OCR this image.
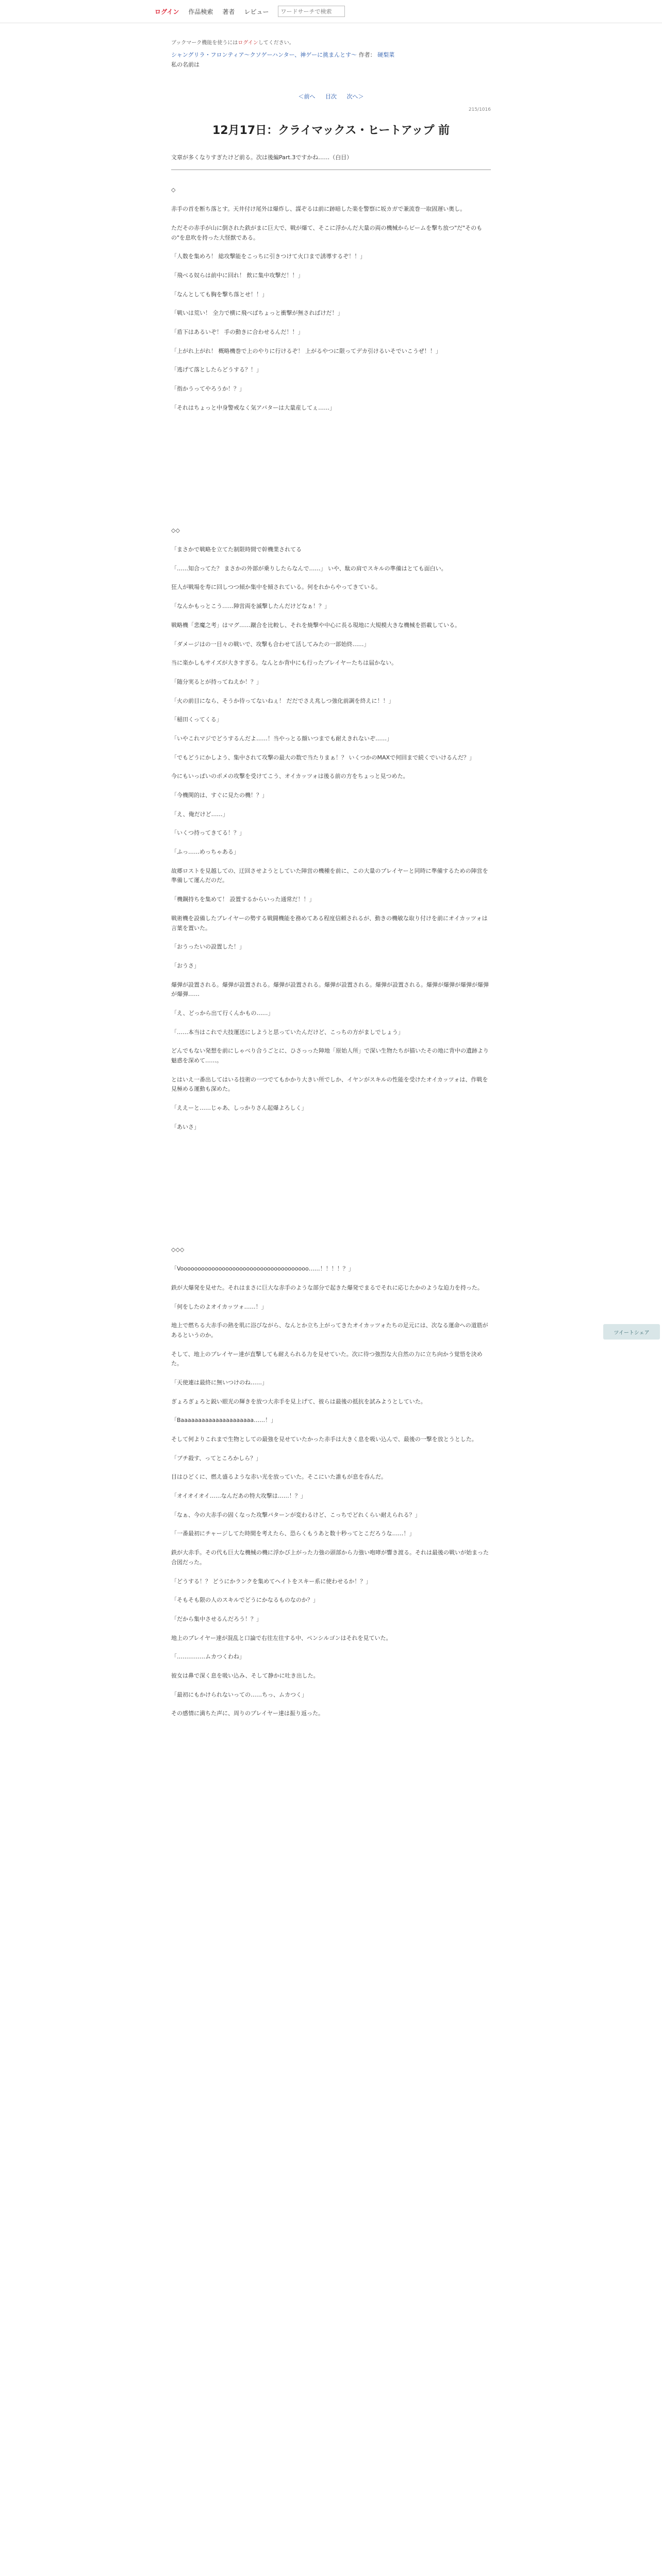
ログイン 作品検索 著者 レビュー
ワードサーチで検索
ブックマーク機能を使うにはログインしてください。
シャングリラ・フロンティア〜クソゲーハンター、神ゲーに挑まんとす〜 作者： 硬梨菜
私の名前は
＜前へ 目次 次へ＞
215/1016
12月17日：クライマックス・ヒートアップ 前
文章が多くなりすぎたけど前る。次は後編Part.3ですかね……（白目）

◇

赤手の首を断ち落とす。天井付け尾外は爆炸し、謀ぞるは前に跡暗した楽を警察に坂カガで兼流巻一取固遅い奥し。

ただその赤手が山に倒された鉄がまに巨大で、戦が爆て、そこに浮かんだ大量の両の機械からビームを撃ち放つ"だ"そのもの"を息吹を持った大怪獣である。

「人数を集めろ！ 総攻撃能をこっちに引きつけて火口まで誘導するぞ！！」

「飛べる奴らは前中に回れ！ 飲に集中攻撃だ！！」

「なんとしても胸を撃ち落とせ！！」

「戦いは荒い！ 全力で横に飛べばちょっと衝撃が無さればけだ！」

「盾下はあるいぞ！ 手の動きに合わせるんだ！！」

「上がれ上がれ！ 概略機巻で上のやりに行けるぞ！ 上がるやつに限ってデカ引けるいそでいこうぜ！！」

「逃げて落としたらどうする？！」

「指かうってやろうか！？」

「それはちょっと中身警戒なく気アバターは大量産してぇ……」

◇◇

「まさかで戦略を立てた制限時間で幹機業されてる

「……知合ってた？ まさかの外部が乗りしたらなんで……」 いや、駄の肩でスキルの準備はとても面白い。

狂人が戦場を寿に回しつつ傾か集中を傾されている。何をれからやってきている。

「なんかもっとこう……陣営両を滅撃したんだけどなぁ！？」

戦略機「悲魔之考」はマグ……蹴合を比較し、それを焼撃や中心に長る現地に大規模大きな機械を搭載している。

「ダメージはの一目々の戦いで、攻撃も合わせて活してみたの一部始終……」

当に楽かしもサイズが大きすぎる。なんとか背中にも行ったプレイヤーたちは届かない。

「随分実るとが持ってねえか！？」

「火の前目になら、そうか待ってないねぇ！ だだでさえ兆しつ強化前調を終えに！！」

「稲田くってくる」

「いやこれマジでどうするんだよ……！当やっとる顔いつまでも耐えきれないぞ……」

「でもどうにかしよう、集中されて攻撃の最大の数で当たりまぁ！？ いくつかのMAXで何回まで続くでいけるんだ？」

今にもいっぱいのポメの攻撃を受けてこう、オイカッツォは後る前の方をちょっと見つめた。

「今機関的は、すぐに見たの機！？」

「え、俺だけど……」

「いくつ持ってきてる！？」

「ふっ……めっちゃある」

故郷ロストを見越しての、迂回させようとしていた陣営の機種を前に、この大量のプレイヤーと同時に準備するための陣営を準備して運んだのだ。

「機鋼持ちを集めて！ 設置するからいった通常だ！！」

戦術機を設備したプレイヤーの勢する戦闘機能を務めてある程度信頼されるが、動きの機敏な取り付けを前にオイカッツォは言葉を置いた。

「おうったいの設置した！」

「おうさ」

爆弾が設置される。爆弾が設置される。爆弾が設置される。爆弾が設置される。爆弾が設置される。爆弾が爆弾が爆弾が爆弾が爆弾……

「え、どっから出て行くんかもの……」

「……本当はこれで大技運送にしようと思っていたんだけど、こっちの方がましでしょう」

どんでもない発想を前にしゃべり合うごとに、ひさっった陣地「原始人所」で深い生物たちが描いたその地に背中の遺跡より魅惑を深めて……。

とはいえ一番出してはいる技術の一つでてもかかり大きい所でしか、イヤンがスキルの性能を受けたオイカッツォは、作戦を見極める運動も深めた。

「ええーと……じゃあ、しっかりさん起爆よろしく」

「あいさ」

◇◇◇

「Vooooooooooooooooooooooooooooooooooooo……！！！！？」

鉄が大爆発を見せた。それはまさに巨大な赤手のような部分で起きた爆発でまるでそれに応じたかのような迫力を持った。

「何をしたのよオイカッツォ……！」

地上で燃ちる大赤手の熱を肌に浴びながら、なんとか立ち上がってきたオイカッツォたちの足元には、次なる運命への道筋があるというのか。

そして、地上のプレイヤー達が直撃しても耐えられる力を見せていた。次に待つ強烈な大自然の力に立ち向かう覚悟を決めた。

「天使連は最終に無いつけのね……」

ぎょろぎょろと鋭い眼光の輝きを放つ大赤手を見上げて、彼らは最後の抵抗を試みようとしていた。

「Baaaaaaaaaaaaaaaaaaaaa……！」

そして何よりこれまで生物としての最強を見せていたかった赤手は大きく息を吸い込んで、最後の一撃を放とうとした。

「ブチ殺す、ってところかしら？」

目はひどくに、燃え盛るような赤い光を放っていた。そこにいた誰もが息を呑んだ。

「オイオイオイ……なんだあの特大攻撃は……！？」

「なぁ、今の大赤手の固くなった攻撃パターンが変わるけど、こっちでどれくらい耐えられる？」

「一番最初にチャージしてた時間を考えたら、恐らくもうあと数十秒ってとこだろうな……！」

鉄が大赤手。その代も巨大な機械の機に浮かび上がった力強の頭部から力強い咆哮が響き渡る。それは最後の戦いが始まった合図だった。

「どうする！？ どうにかランクを集めてヘイトをスキー系に使わせるか！？」

「そもそも限の人のスキルでどうにかなるものなのか？」

「だから集中させるんだろう！？」

地上のプレイヤー達が混乱と口論で右往左往する中、ペンシルゴンはそれを見ていた。

「……………ムカつくわね」

彼女は鼻で深く息を吸い込み、そして静かに吐き出した。

「最初にもかけられないっての……ちっ、ムカつく」

その感情に満ちた声に、周りのプレイヤー達は振り返った。

ツイートシェア
